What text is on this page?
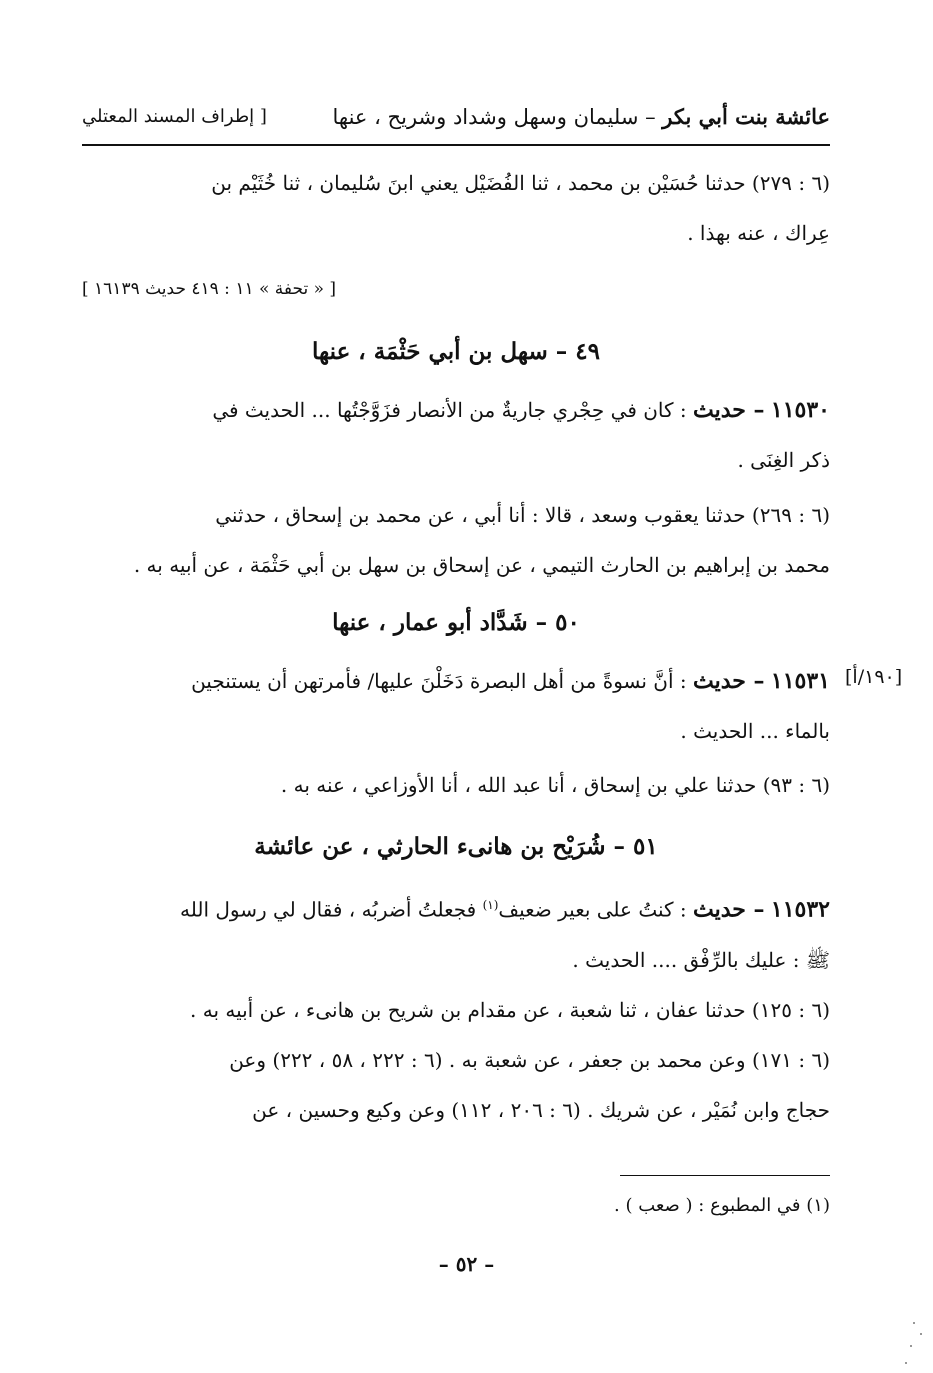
عائشة بنت أبي بكر – سليمان وسهل وشداد وشريح ، عنها
[ إطراف المسند المعتلي
(٦ : ٢٧٩) حدثنا حُسَيْن بن محمد ، ثنا الفُضَيْل يعني ابنَ سُليمان ، ثنا خُثَيْم بن
عِراك ، عنه بهذا .
[ « تحفة » ١١ : ٤١٩ حديث ١٦١٣٩ ]
٤٩ – سهل بن أبي حَثْمَة ، عنها
١١٥٣٠ – حديث : كان في حِجْري جاريةٌ من الأنصار فزَوَّجْتُها ... الحديث في
ذكر الغِنَى .
(٦ : ٢٦٩) حدثنا يعقوب وسعد ، قالا : أنا أبي ، عن محمد بن إسحاق ، حدثني
محمد بن إبراهيم بن الحارث التيمي ، عن إسحاق بن سهل بن أبي حَثْمَة ، عن أبيه به .
٥٠ – شَدَّاد أبو عمار ، عنها
[١٩٠/أ]
١١٥٣١ – حديث : أنَّ نسوةً من أهل البصرة دَخَلْنَ عليها/ فأمرتهن أن يستنجين
بالماء ... الحديث .
(٦ : ٩٣) حدثنا علي بن إسحاق ، أنا عبد الله ، أنا الأوزاعي ، عنه به .
٥١ – شُرَيْح بن هانىء الحارثي ، عن عائشة
١١٥٣٢ – حديث : كنتُ على بعير ضعيف$^{(١)}$ فجعلتُ أضربُه ، فقال لي رسول الله
ﷺ : عليك بالرِّفْق .... الحديث .
(٦ : ١٢٥) حدثنا عفان ، ثنا شعبة ، عن مقدام بن شريح بن هانىء ، عن أبيه به .
(٦ : ١٧١) وعن محمد بن جعفر ، عن شعبة به . (٦ : ٢٢٢ ، ٥٨ ، ٢٢٢) وعن
حجاج وابن نُمَيْر ، عن شريك . (٦ : ٢٠٦ ، ١١٢) وعن وكيع وحسين ، عن
(١) في المطبوع : ( صعب ) .
– ٥٢ –
